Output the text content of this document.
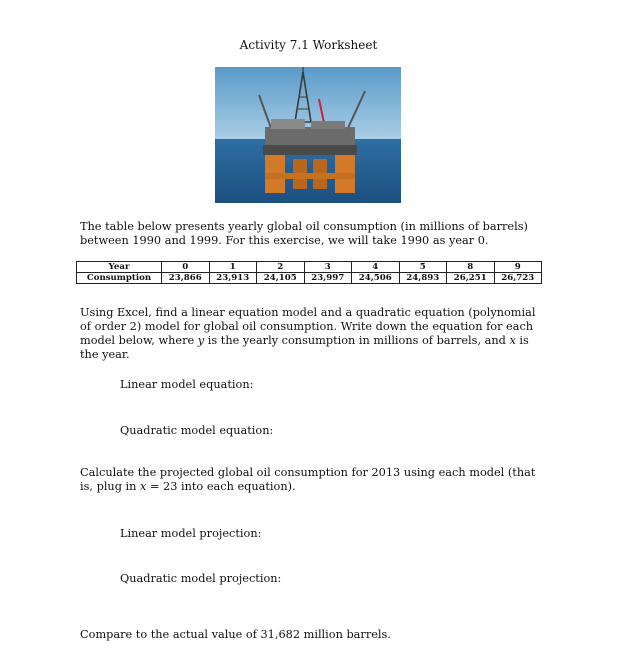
Activity 7.1 Worksheet
The table below presents yearly global oil consumption (in millions of barrels) between 1990 and 1999. For this exercise, we will take 1990 as year 0.
Year	0	1	2	3	4	5	8	9
Consumption	23,866	23,913	24,105	23,997	24,506	24,893	26,251	26,723
Using Excel, find a linear equation model and a quadratic equation (polynomial of order 2) model for global oil consumption. Write down the equation for each model below, where y is the yearly consumption in millions of barrels, and x is the year.
Linear model equation:
Quadratic model equation:
Calculate the projected global oil consumption for 2013 using each model (that is, plug in x = 23 into each equation).
Linear model projection:
Quadratic model projection:
Compare to the actual value of 31,682 million barrels.
